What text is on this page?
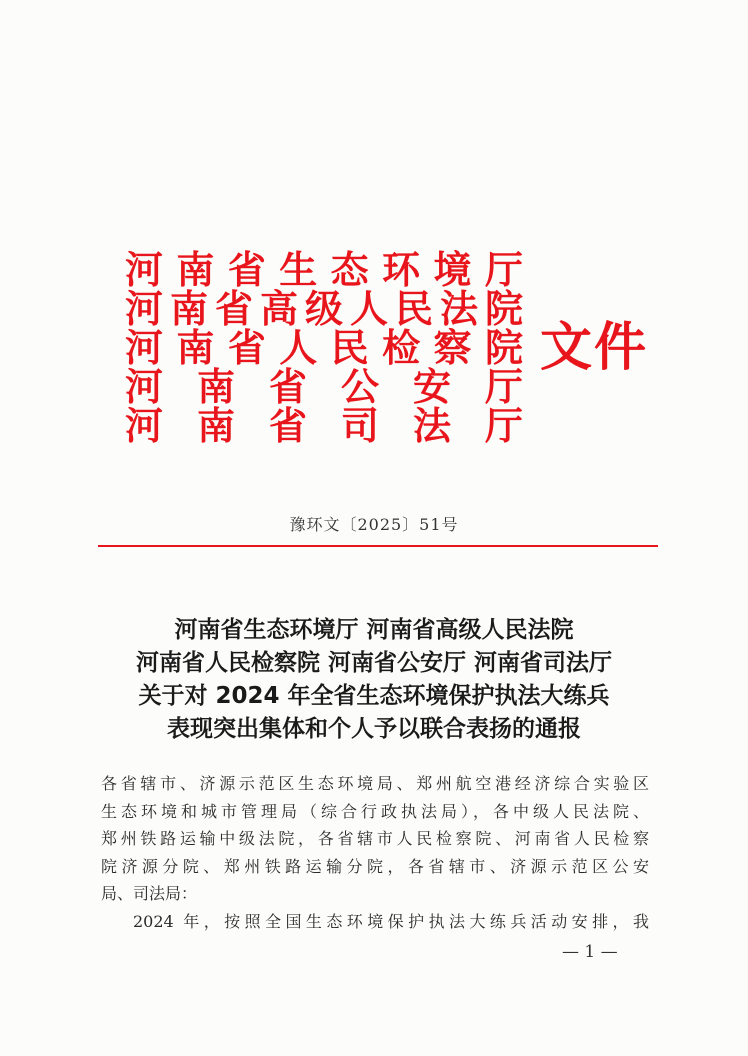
河 南 省 生 态 环 境 厅
河 南 省 高 级 人 民 法 院
河 南 省 人 民 检 察 院
河 南 省 公 安 厅
河 南 省 司 法 厅
文件
豫环文〔2025〕51号
河南省生态环境厅 河南省高级人民法院
河南省人民检察院 河南省公安厅 河南省司法厅
关于对 2024 年全省生态环境保护执法大练兵
表现突出集体和个人予以联合表扬的通报

各省辖市、济源示范区生态环境局、郑州航空港经济综合实验区

生态环境和城市管理局（综合行政执法局），各中级人民法院、

郑州铁路运输中级法院，各省辖市人民检察院、河南省人民检察

院济源分院、郑州铁路运输分院，各省辖市、济源示范区公安

局、司法局：

2024 年，按照全国生态环境保护执法大练兵活动安排，我

— 1 —
